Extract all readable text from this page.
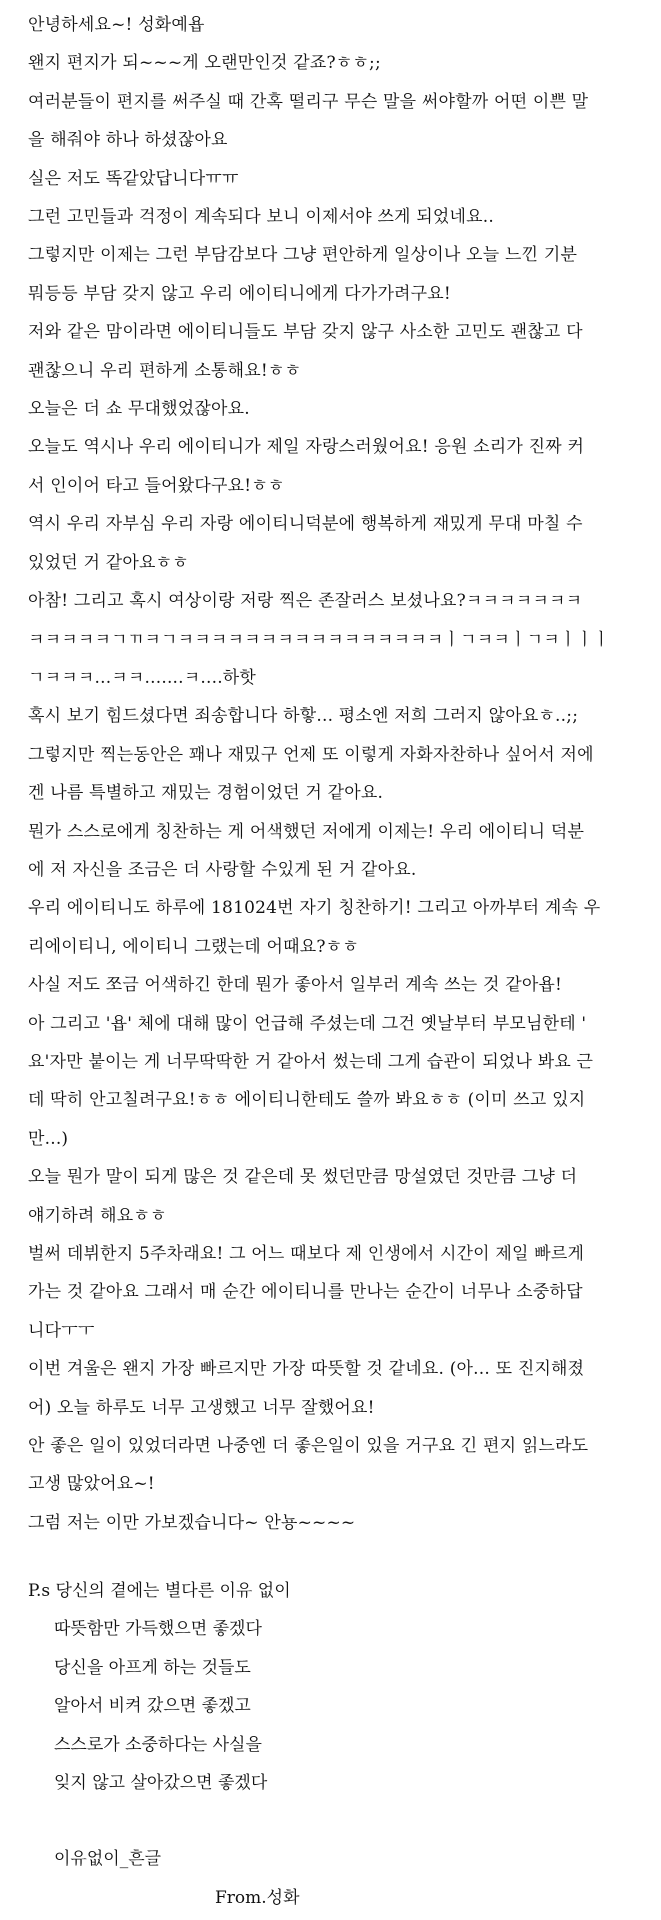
안녕하세요~! 성화예욥

왠지 편지가 되~~~게 오랜만인것 같죠?ㅎㅎ;;

여러분들이 편지를 써주실 때 간혹 떨리구 무슨 말을 써야할까 어떤 이쁜 말

을 해줘야 하나 하셨잖아요

실은 저도 똑같았답니다ㅠㅠ

그런 고민들과 걱정이 계속되다 보니 이제서야 쓰게 되었네요..

그렇지만 이제는 그런 부담감보다 그냥 편안하게 일상이나 오늘 느낀 기분

뭐등등 부담 갖지 않고 우리 에이티니에게 다가가려구요!

저와 같은 맘이라면 에이티니들도 부담 갖지 않구 사소한 고민도 괜찮고 다

괜찮으니 우리 편하게 소통해요!ㅎㅎ

오늘은 더 쇼 무대했었잖아요.

오늘도 역시나 우리 에이티니가 제일 자랑스러웠어요! 응원 소리가 진짜 커

서 인이어 타고 들어왔다구요!ㅎㅎ

역시 우리 자부심 우리 자랑 에이티니덕분에 행복하게 재밌게 무대 마칠 수

있었던 거 같아요ㅎㅎ

아참! 그리고 혹시 여상이랑 저랑 찍은 존잘러스 보셨나요?ㅋㅋㅋㅋㅋㅋㅋ

ㅋㅋㅋㅋㅋㄱㄲㅋㄱㅋㅋㅋㅋㅋㅋㅋㅋㅋㅋㅋㅋㅋㅋㅋㅋㅣㄱㅋㅋㅣㄱㅋㅣㅣㅣ

ㄱㅋㅋㅋ...ㅋㅋ.......ㅋ....하핫

혹시 보기 힘드셨다면 죄송합니다 하핳... 평소엔 저희 그러지 않아요ㅎ..;;

그렇지만 찍는동안은 꽤나 재밌구 언제 또 이렇게 자화자찬하나 싶어서 저에

겐 나름 특별하고 재밌는 경험이었던 거 같아요.

뭔가 스스로에게 칭찬하는 게 어색했던 저에게 이제는! 우리 에이티니 덕분

에 저 자신을 조금은 더 사랑할 수있게 된 거 같아요.

우리 에이티니도 하루에 181024번 자기 칭찬하기! 그리고 아까부터 계속 우

리에이티니, 에이티니 그랬는데 어때요?ㅎㅎ

사실 저도 쪼금 어색하긴 한데 뭔가 좋아서 일부러 계속 쓰는 것 같아욥!

아 그리고 '욥' 체에 대해 많이 언급해 주셨는데 그건 옛날부터 부모님한테 '

요'자만 붙이는 게 너무딱딱한 거 같아서 썼는데 그게 습관이 되었나 봐요 근

데 딱히 안고칠려구요!ㅎㅎ 에이티니한테도 쓸까 봐요ㅎㅎ (이미 쓰고 있지

만...)

오늘 뭔가 말이 되게 많은 것 같은데 못 썼던만큼 망설였던 것만큼 그냥 더

얘기하려 해요ㅎㅎ

벌써 데뷔한지 5주차래요! 그 어느 때보다 제 인생에서 시간이 제일 빠르게

가는 것 같아요 그래서 매 순간 에이티니를 만나는 순간이 너무나 소중하답

니다ㅜㅜ

이번 겨울은 왠지 가장 빠르지만 가장 따뜻할 것 같네요. (아... 또 진지해졌

어) 오늘 하루도 너무 고생했고 너무 잘했어요!

안 좋은 일이 있었더라면 나중엔 더 좋은일이 있을 거구요 긴 편지 읽느라도

고생 많았어요~!

그럼 저는 이만 가보겠습니다~ 안뇽~~~~

P.s 당신의 곁에는 별다른 이유 없이

따뜻함만 가득했으면 좋겠다

당신을 아프게 하는 것들도

알아서 비켜 갔으면 좋겠고

스스로가 소중하다는 사실을

잊지 않고 살아갔으면 좋겠다

이유없이_흔글

From.성화
